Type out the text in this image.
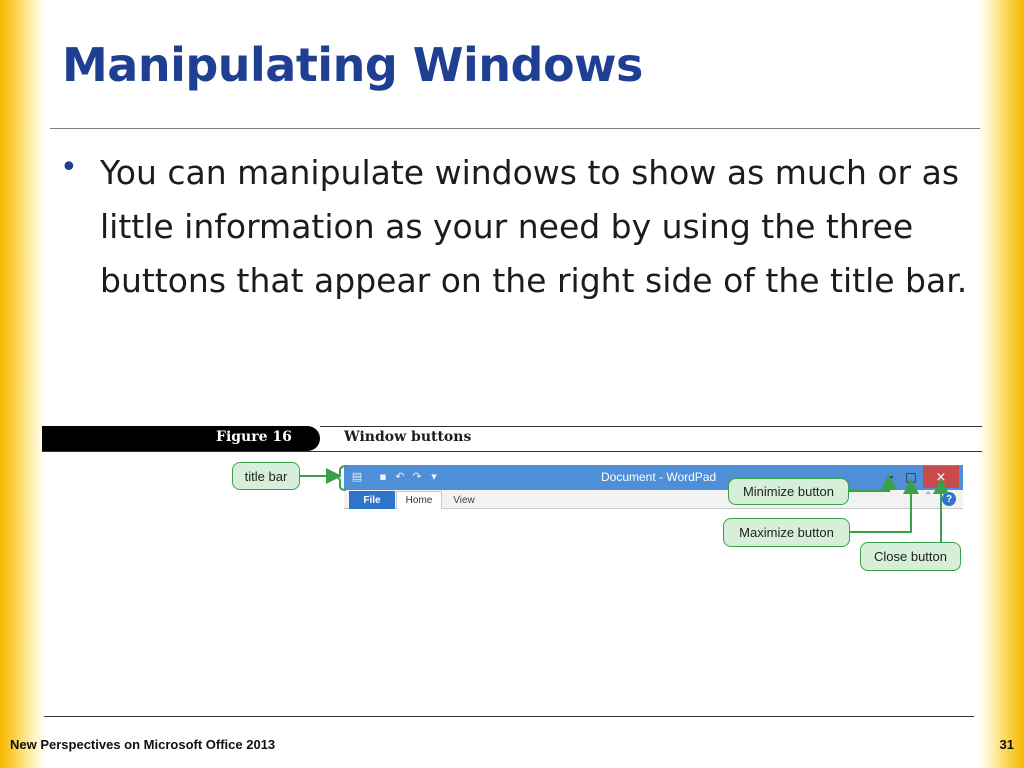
Manipulating Windows
• You can manipulate windows to show as much or as little information as your need by using the three buttons that appear on the right side of the title bar.

Figure 16	Window buttons
▤ ▪ ↶ ↷ ▾	Document - WordPad
File	Home	View
–	□	×
⌃	?
title bar
Minimize button
Maximize button
Close button
New Perspectives on Microsoft Office 2013	31
